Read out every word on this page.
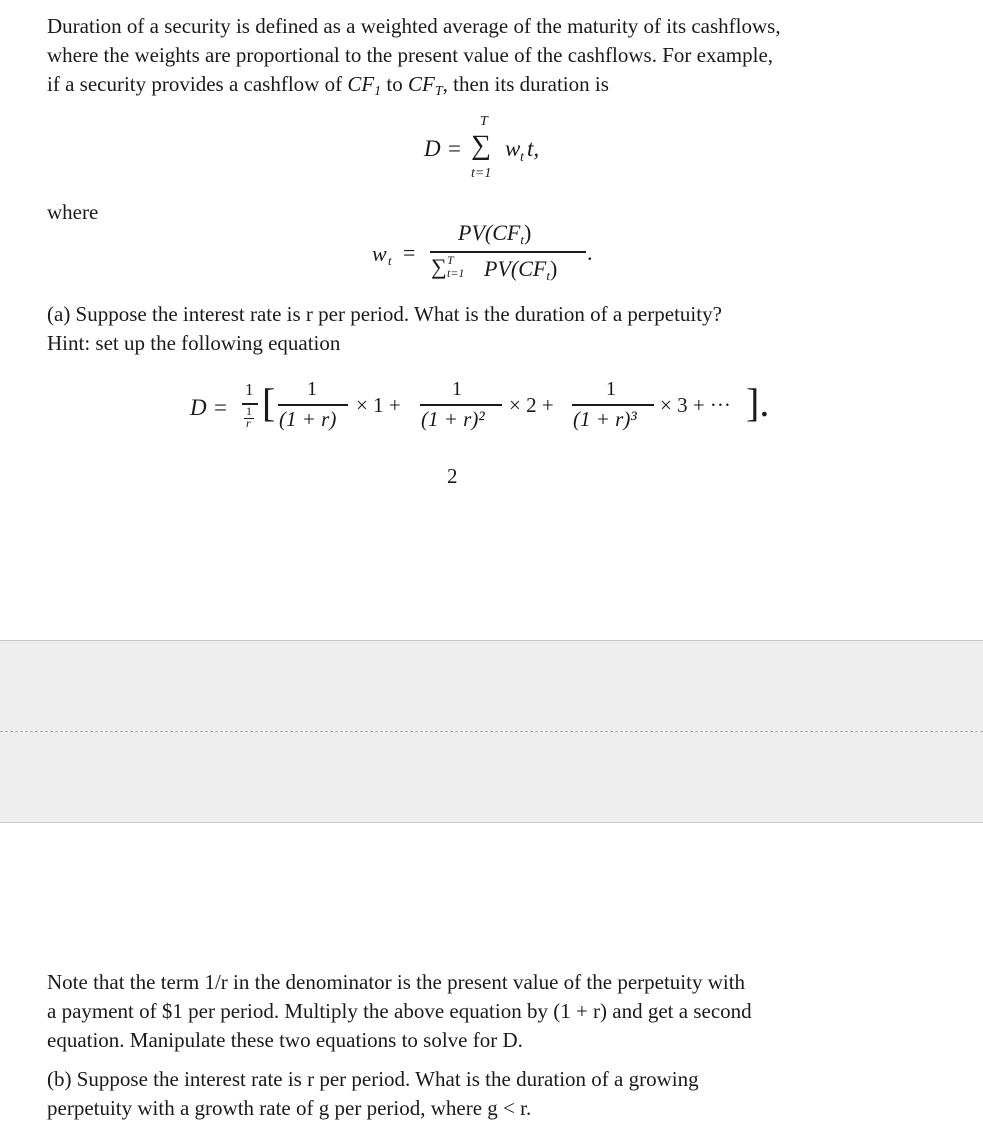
Duration of a security is defined as a weighted average of the maturity of its cashflows,
where the weights are proportional to the present value of the cashflows. For example,
if a security provides a cashflow of $CF_1$ to $CF_T$, then its duration is
D =
T
∑
t=1
w t t,
where
w t =
PV(CFt)
∑ T
t=1 PV(CFt)
.
(a) Suppose the interest rate is r per period. What is the duration of a perpetuity?
Hint: set up the following equation
D =
1
1
r [ 1
(1 + r)
× 1 +
1
(1 + r)²
× 2 +
1
(1 + r)³
× 3 + ··· ].
2
Note that the term 1/r in the denominator is the present value of the perpetuity with
a payment of $1 per period. Multiply the above equation by (1 + r) and get a second
equation. Manipulate these two equations to solve for D.
(b) Suppose the interest rate is r per period. What is the duration of a growing
perpetuity with a growth rate of g per period, where g < r.
